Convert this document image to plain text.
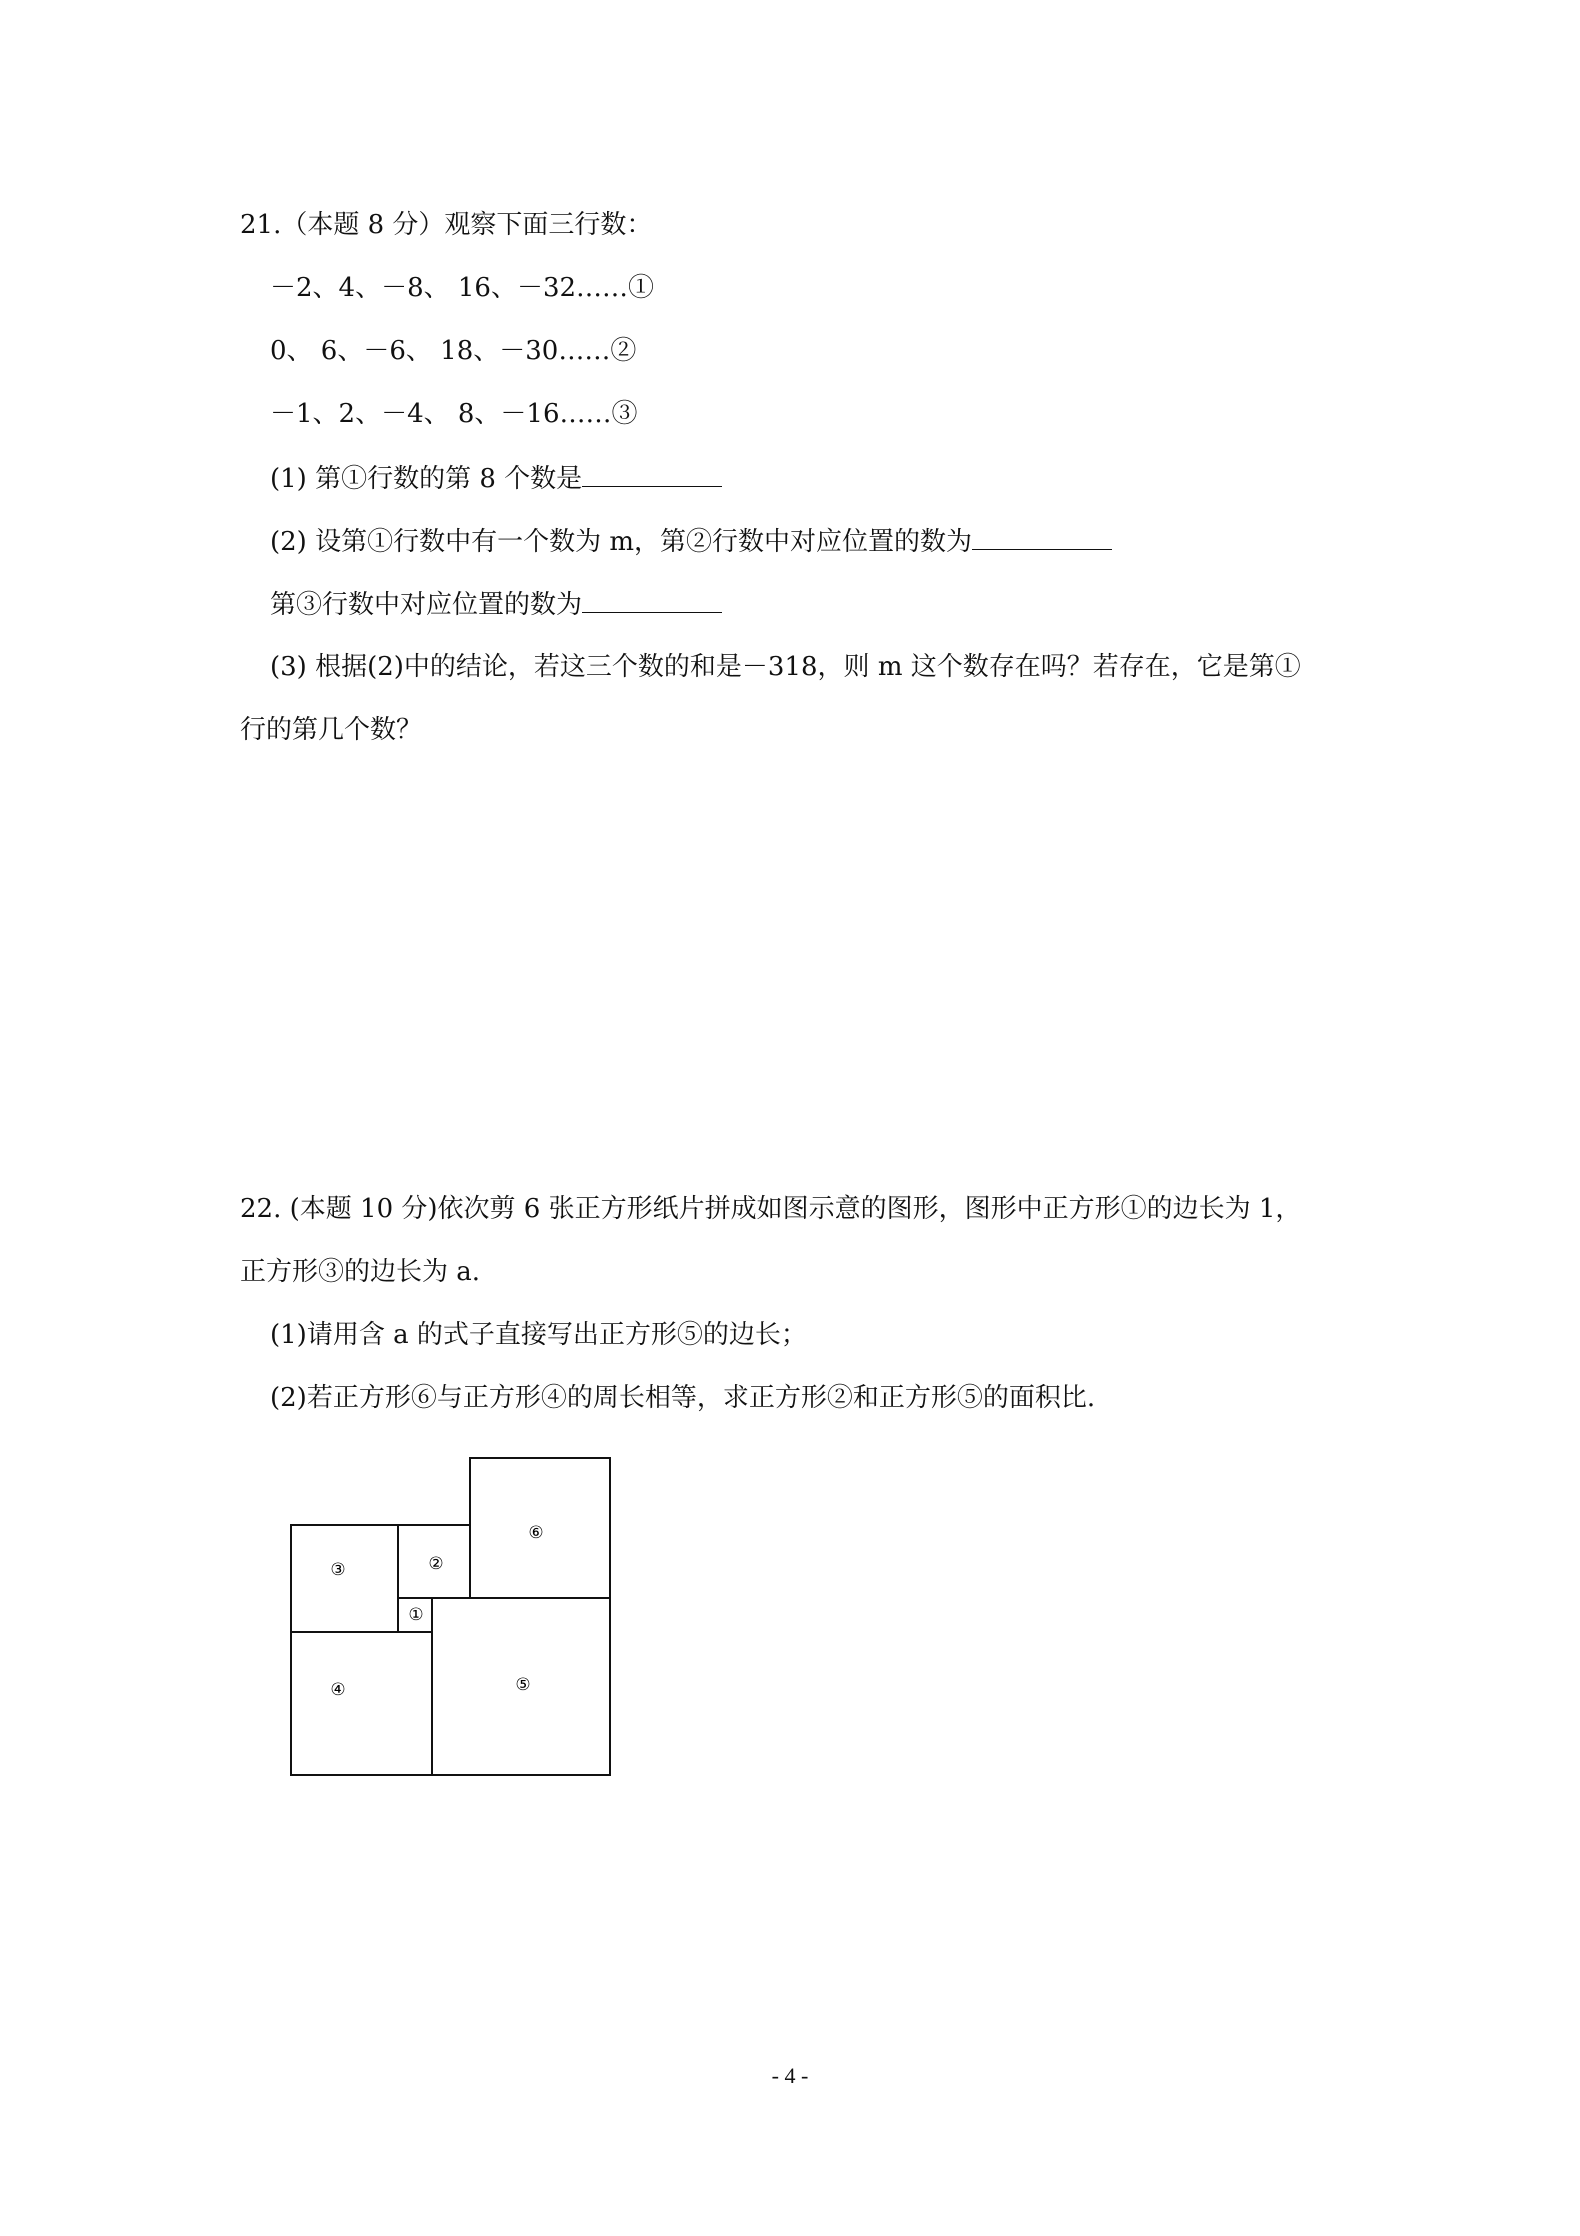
21.（本题 8 分）观察下面三行数：
－2、4、－8、 16、－32……①
0、 6、－6、 18、－30……②
－1、2、－4、 8、－16……③
(1) 第①行数的第 8 个数是
(2) 设第①行数中有一个数为 m，第②行数中对应位置的数为
第③行数中对应位置的数为
(3) 根据(2)中的结论，若这三个数的和是－318，则 m 这个数存在吗？若存在，它是第①
行的第几个数？
22. (本题 10 分)依次剪 6 张正方形纸片拼成如图示意的图形，图形中正方形①的边长为 1，
正方形③的边长为 a.
(1)请用含 a 的式子直接写出正方形⑤的边长；
(2)若正方形⑥与正方形④的周长相等，求正方形②和正方形⑤的面积比.
⑥
②
③
①
④	⑤
- 4 -
